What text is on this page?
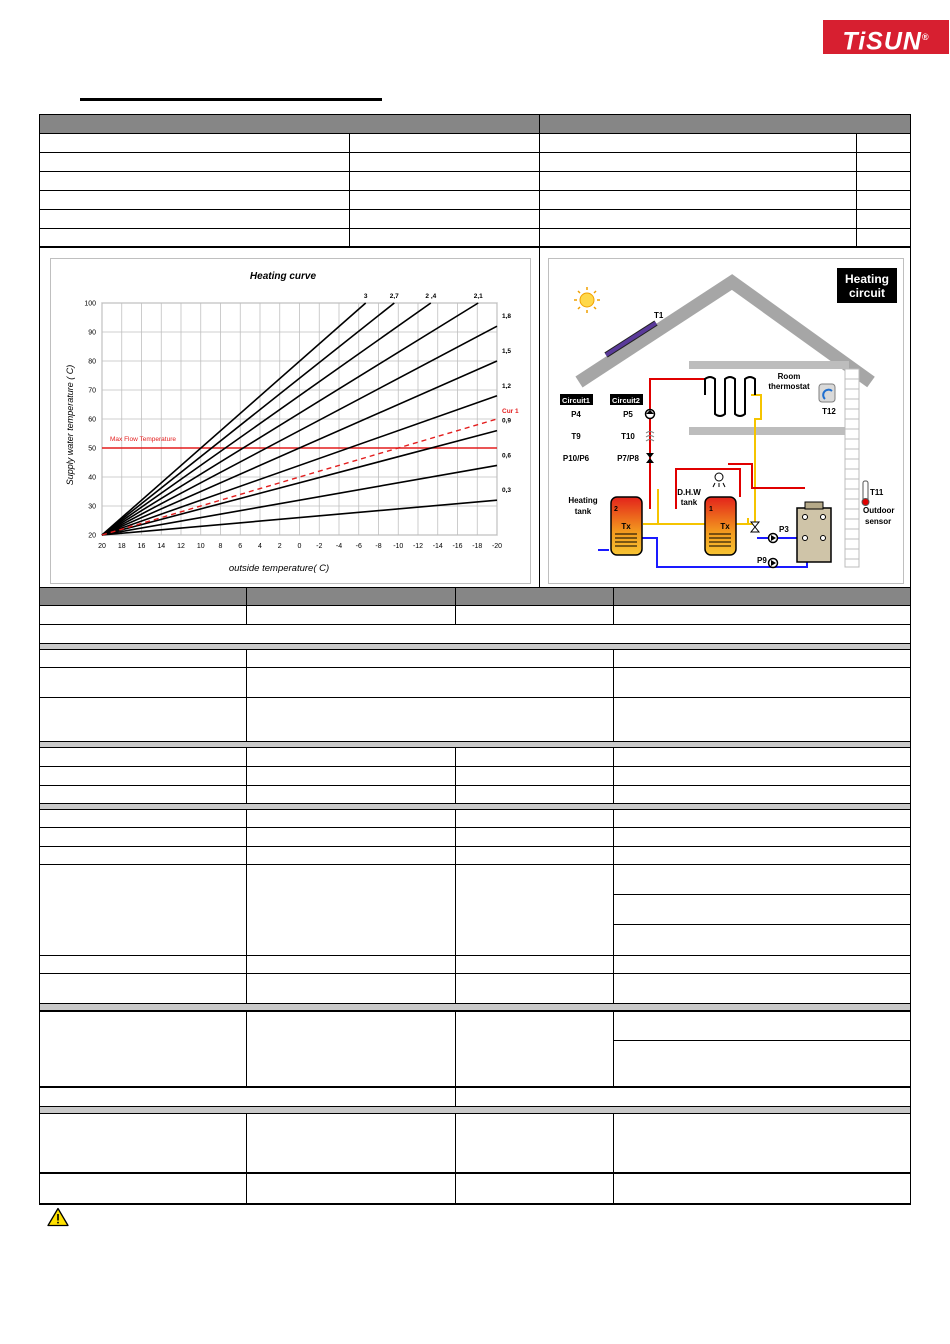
TiSUN®
Heating curve
Supply water temperature ( C)
outside temperature( C)
20 18 16 14 12 10 8 6 4 2 0 -2 -4 -6 -8 -10 -12 -14 -16 -18 -20
20
30
40
50
60
70
80
90
100
Max Flow Temperature
3	2,7	2 ,4	2,1
1,8
1,5
1,2
0,9
0,6
0,3
Cur 1
Heating
circuit
T1
Circuit1	Circuit2
P4	P5
T9	T10
P10/P6	P7/P8
Room
thermostat
T12
T11
Outdoor
sensor
Heating
tank	2
Tx
D.H.W
tank
1
Tx	P3
P9
